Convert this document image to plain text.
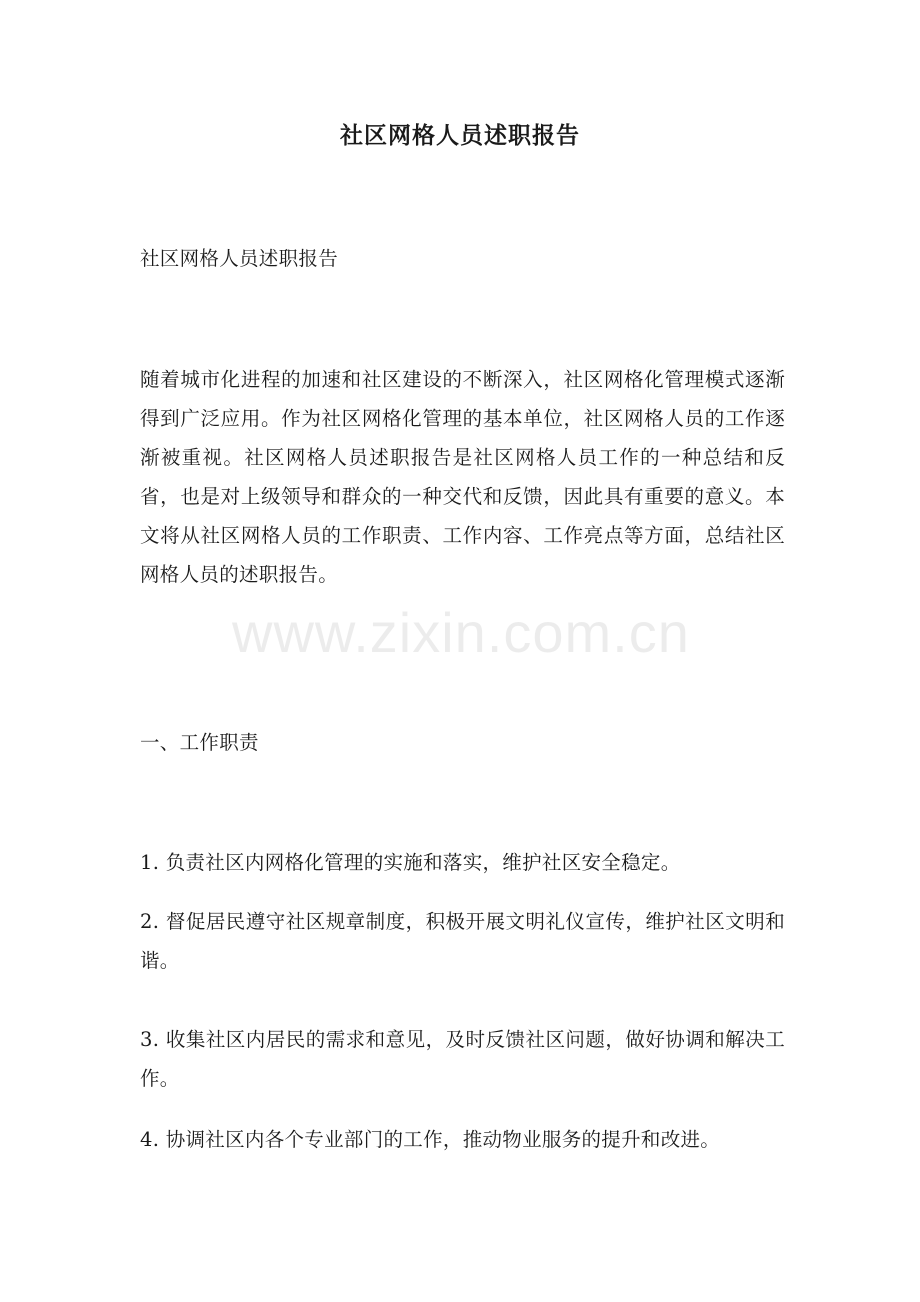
社区网格人员述职报告
社区网格人员述职报告
随着城市化进程的加速和社区建设的不断深入，社区网格化管理模式逐渐得到广泛应用。作为社区网格化管理的基本单位，社区网格人员的工作逐渐被重视。社区网格人员述职报告是社区网格人员工作的一种总结和反省，也是对上级领导和群众的一种交代和反馈，因此具有重要的意义。本文将从社区网格人员的工作职责、工作内容、工作亮点等方面，总结社区网格人员的述职报告。
一、工作职责
1. 负责社区内网格化管理的实施和落实，维护社区安全稳定。
2. 督促居民遵守社区规章制度，积极开展文明礼仪宣传，维护社区文明和谐。
3. 收集社区内居民的需求和意见，及时反馈社区问题，做好协调和解决工作。
4. 协调社区内各个专业部门的工作，推动物业服务的提升和改进。
www.zixin.com.cn
